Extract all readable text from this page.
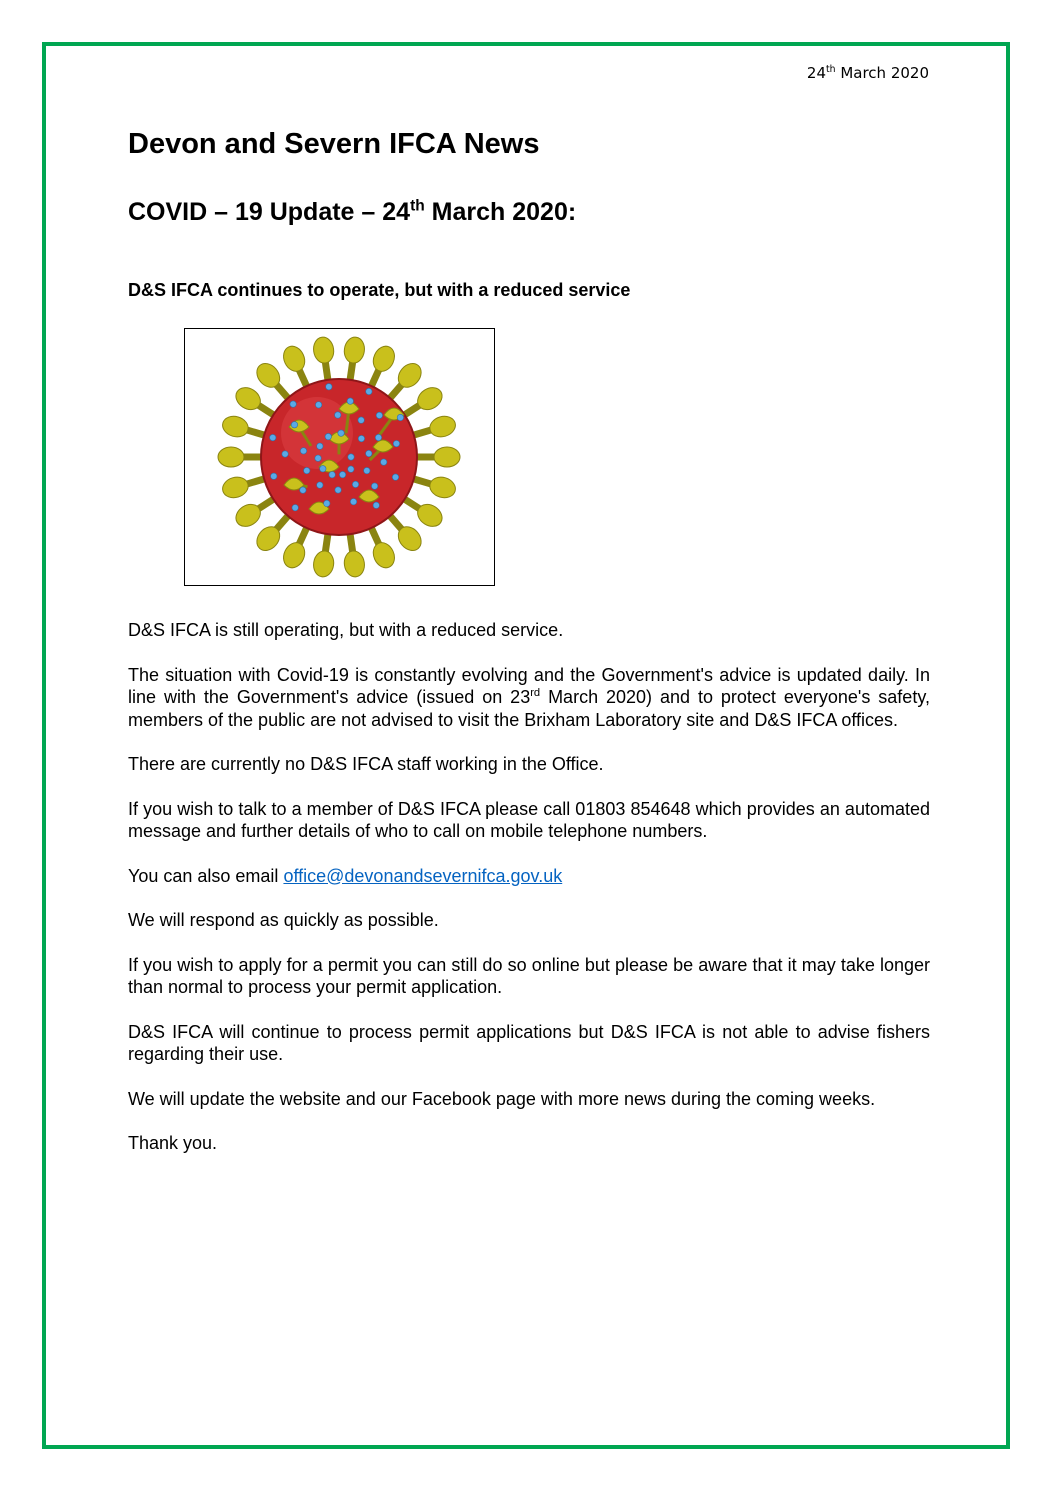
24th March 2020
Devon and Severn IFCA News
COVID – 19 Update – 24th March 2020:
D&S IFCA continues to operate, but with a reduced service

D&S IFCA is still operating, but with a reduced service.

The situation with Covid-19 is constantly evolving and the Government's advice is updated daily. In line with the Government's advice (issued on 23rd March 2020) and to protect everyone's safety, members of the public are not advised to visit the Brixham Laboratory site and D&S IFCA offices.

There are currently no D&S IFCA staff working in the Office.

If you wish to talk to a member of D&S IFCA please call 01803 854648 which provides an automated message and further details of who to call on mobile telephone numbers.

You can also email office@devonandsevernifca.gov.uk

We will respond as quickly as possible.

If you wish to apply for a permit you can still do so online but please be aware that it may take longer than normal to process your permit application.

D&S IFCA will continue to process permit applications but D&S IFCA is not able to advise fishers regarding their use.

We will update the website and our Facebook page with more news during the coming weeks.

Thank you.
